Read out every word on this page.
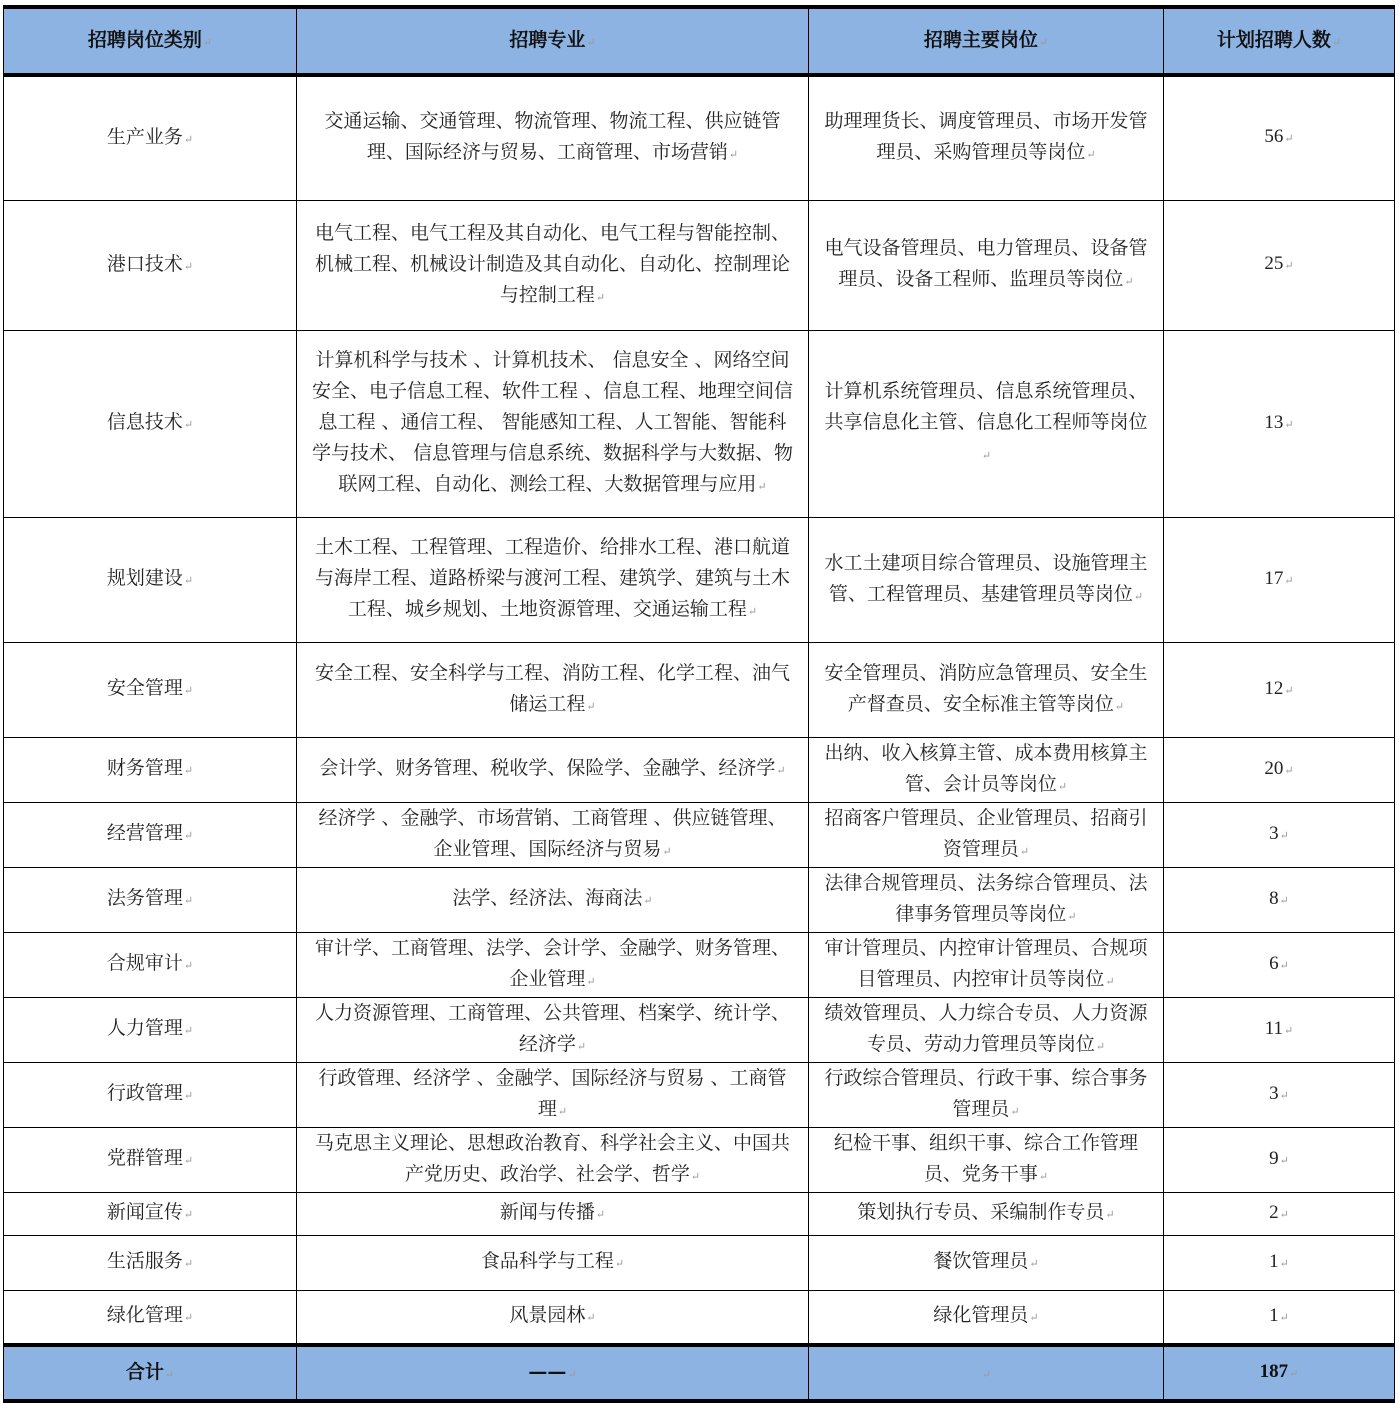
招聘岗位类别↵	招聘专业↵	招聘主要岗位↵	计划招聘人数↵
生产业务↵	交通运输、交通管理、物流管理、物流工程、供应链管理、国际经济与贸易、工商管理、市场营销↵	助理理货长、调度管理员、市场开发管理员、采购管理员等岗位↵	56↵
港口技术↵	电气工程、电气工程及其自动化、电气工程与智能控制、机械工程、机械设计制造及其自动化、自动化、控制理论与控制工程↵	电气设备管理员、电力管理员、设备管理员、设备工程师、监理员等岗位↵	25↵
信息技术↵	计算机科学与技术 、计算机技术、 信息安全 、网络空间安全、电子信息工程、软件工程 、信息工程、地理空间信息工程 、通信工程、 智能感知工程、人工智能、智能科学与技术、 信息管理与信息系统、数据科学与大数据、物联网工程、自动化、测绘工程、大数据管理与应用↵	计算机系统管理员、信息系统管理员、共享信息化主管、信息化工程师等岗位↵	13↵
规划建设↵	土木工程、工程管理、工程造价、给排水工程、港口航道与海岸工程、道路桥梁与渡河工程、建筑学、建筑与土木工程、城乡规划、土地资源管理、交通运输工程↵	水工土建项目综合管理员、设施管理主管、工程管理员、基建管理员等岗位↵	17↵
安全管理↵	安全工程、安全科学与工程、消防工程、化学工程、油气储运工程↵	安全管理员、消防应急管理员、安全生产督查员、安全标准主管等岗位↵	12↵
财务管理↵	会计学、财务管理、税收学、保险学、金融学、经济学↵	出纳、收入核算主管、成本费用核算主管、会计员等岗位↵	20↵
经营管理↵	经济学 、金融学、市场营销、工商管理 、供应链管理、企业管理、国际经济与贸易↵	招商客户管理员、企业管理员、招商引资管理员↵	3↵
法务管理↵	法学、经济法、海商法↵	法律合规管理员、法务综合管理员、法律事务管理员等岗位↵	8↵
合规审计↵	审计学、工商管理、法学、会计学、金融学、财务管理、企业管理↵	审计管理员、内控审计管理员、合规项目管理员、内控审计员等岗位↵	6↵
人力管理↵	人力资源管理、工商管理、公共管理、档案学、统计学、经济学↵	绩效管理员、人力综合专员、人力资源专员、劳动力管理员等岗位↵	11↵
行政管理↵	行政管理、经济学 、金融学、国际经济与贸易 、工商管理↵	行政综合管理员、行政干事、综合事务管理员↵	3↵
党群管理↵	马克思主义理论、思想政治教育、科学社会主义、中国共产党历史、政治学、社会学、哲学↵	纪检干事、组织干事、综合工作管理员、党务干事↵	9↵
新闻宣传↵	新闻与传播↵	策划执行专员、采编制作专员↵	2↵
生活服务↵	食品科学与工程↵	餐饮管理员↵	1↵
绿化管理↵	风景园林↵	绿化管理员↵	1↵
合计↵	——↵	↵	187↵
